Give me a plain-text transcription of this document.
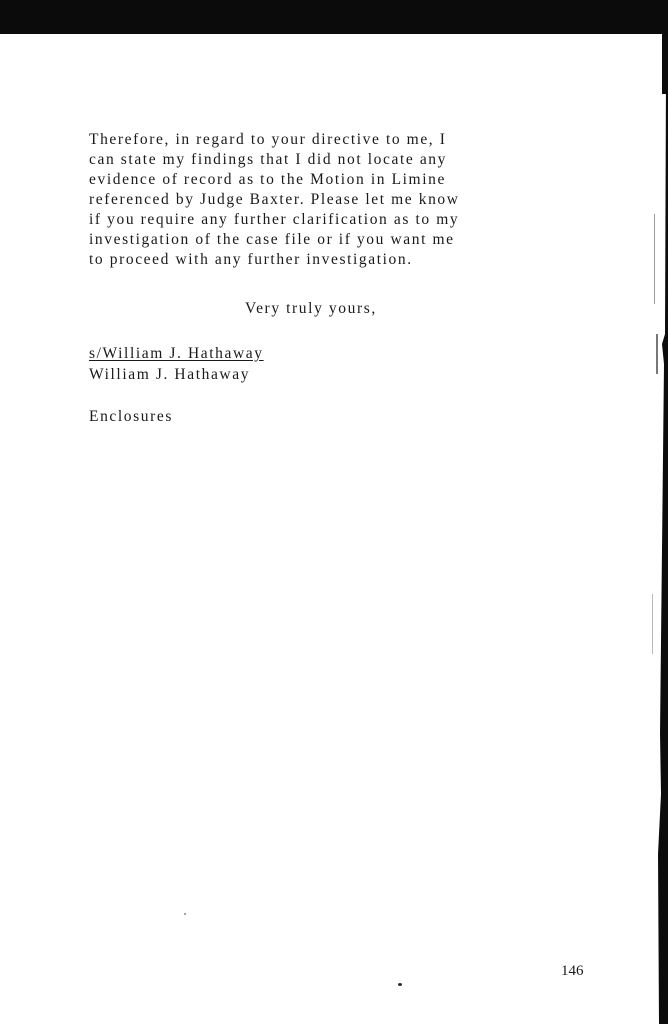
Therefore, in regard to your directive to me, I
can state my findings that I did not locate any
evidence of record as to the Motion in Limine
referenced by Judge Baxter. Please let me know
if you require any further clarification as to my
investigation of the case file or if you want me
to proceed with any further investigation.

Very truly yours,

s/William J. Hathaway

William J. Hathaway

Enclosures

146
